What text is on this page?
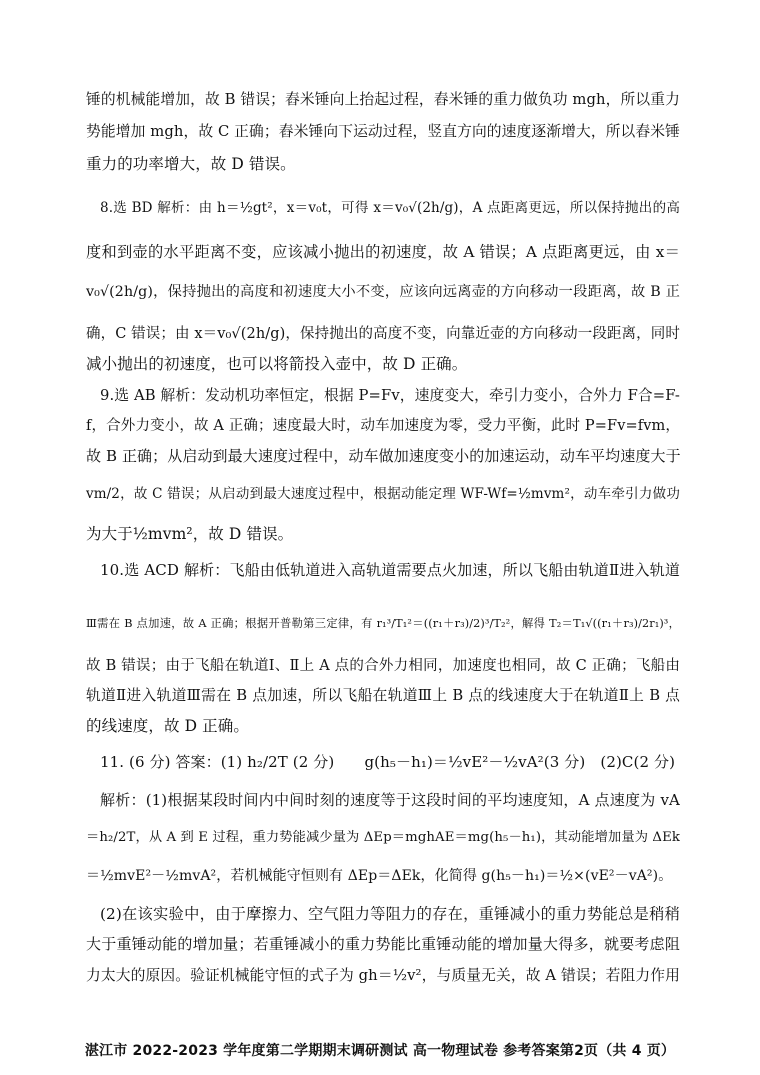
锤的机械能增加，故 B 错误；舂米锤向上抬起过程，舂米锤的重力做负功 mgh，所以重力
势能增加 mgh，故 C 正确；舂米锤向下运动过程，竖直方向的速度逐渐增大，所以舂米锤
重力的功率增大，故 D 错误。
8.选 BD 解析：由 h＝½gt²，x＝v₀t，可得 x＝v₀√(2h/g)，A 点距离更远，所以保持抛出的高
度和到壶的水平距离不变，应该减小抛出的初速度，故 A 错误；A 点距离更远，由 x＝
v₀√(2h/g)，保持抛出的高度和初速度大小不变，应该向远离壶的方向移动一段距离，故 B 正
确，C 错误；由 x＝v₀√(2h/g)，保持抛出的高度不变，向靠近壶的方向移动一段距离，同时
减小抛出的初速度，也可以将箭投入壶中，故 D 正确。
9.选 AB 解析：发动机功率恒定，根据 P=Fv，速度变大，牵引力变小，合外力 F合=F-
f，合外力变小，故 A 正确；速度最大时，动车加速度为零，受力平衡，此时 P=Fv=fvm，
故 B 正确；从启动到最大速度过程中，动车做加速度变小的加速运动，动车平均速度大于
vm/2，故 C 错误；从启动到最大速度过程中，根据动能定理 WF-Wf=½mvm²，动车牵引力做功
为大于½mvm²，故 D 错误。
10.选 ACD 解析：飞船由低轨道进入高轨道需要点火加速，所以飞船由轨道Ⅱ进入轨道
Ⅲ需在 B 点加速，故 A 正确；根据开普勒第三定律，有 r₁³/T₁²＝((r₁＋r₃)/2)³/T₂²，解得 T₂＝T₁√((r₁＋r₃)/2r₁)³，
故 B 错误；由于飞船在轨道Ⅰ、Ⅱ上 A 点的合外力相同，加速度也相同，故 C 正确；飞船由
轨道Ⅱ进入轨道Ⅲ需在 B 点加速，所以飞船在轨道Ⅲ上 B 点的线速度大于在轨道Ⅱ上 B 点
的线速度，故 D 正确。
11. (6 分) 答案：(1) h₂/2T (2 分)　　g(h₅－h₁)＝½vE²－½vA²(3 分)　(2)C(2 分)
解析：(1)根据某段时间内中间时刻的速度等于这段时间的平均速度知，A 点速度为 vA
＝h₂/2T，从 A 到 E 过程，重力势能减少量为 ΔEp＝mghAE＝mg(h₅－h₁)，其动能增加量为 ΔEk
＝½mvE²－½mvA²，若机械能守恒则有 ΔEp＝ΔEk，化简得 g(h₅－h₁)＝½×(vE²－vA²)。
(2)在该实验中，由于摩擦力、空气阻力等阻力的存在，重锤减小的重力势能总是稍稍
大于重锤动能的增加量；若重锤减小的重力势能比重锤动能的增加量大得多，就要考虑阻
力太大的原因。验证机械能守恒的式子为 gh＝½v²，与质量无关，故 A 错误；若阻力作用
湛江市 2022-2023 学年度第二学期期末调研测试 高一物理试卷 参考答案第2页（共 4 页）
